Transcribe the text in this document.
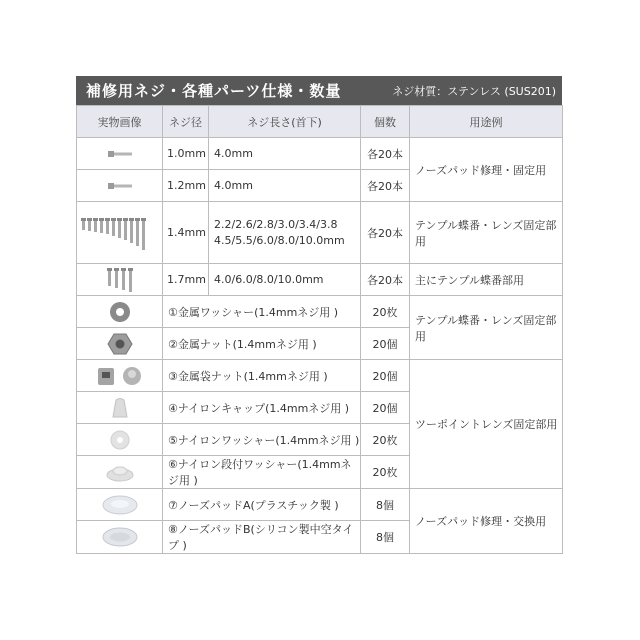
補修用ネジ・各種パーツ仕様・数量	ネジ材質：ステンレス (SUS201)
実物画像	ネジ径	ネジ長さ(首下)	個数	用途例

	1.0mm	4.0mm	各20本	ノーズパッド修理・固定用

	1.2mm	4.0mm	各20本	

	1.4mm	2.2/2.6/2.8/3.0/3.4/3.8
4.5/5.5/6.0/8.0/10.0mm	各20本	テンプル蝶番・レンズ固定部用

	1.7mm	4.0/6.0/8.0/10.0mm	各20本	主にテンプル蝶番部用

	①金属ワッシャー(1.4mmネジ用 )		20枚	テンプル蝶番・レンズ固定部用

	②金属ナット(1.4mmネジ用 )		20個	

	③金属袋ナット(1.4mmネジ用 )		20個	ツーポイントレンズ固定部用

	④ナイロンキャップ(1.4mmネジ用 )		20個	

	⑤ナイロンワッシャー(1.4mmネジ用 )		20枚	

	⑥ナイロン段付ワッシャー(1.4mmネジ用 )		20枚	

	⑦ノーズパッドA(プラスチック製 )		8個	ノーズパッド修理・交換用

	⑧ノーズパッドB(シリコン製中空タイプ )		8個	
